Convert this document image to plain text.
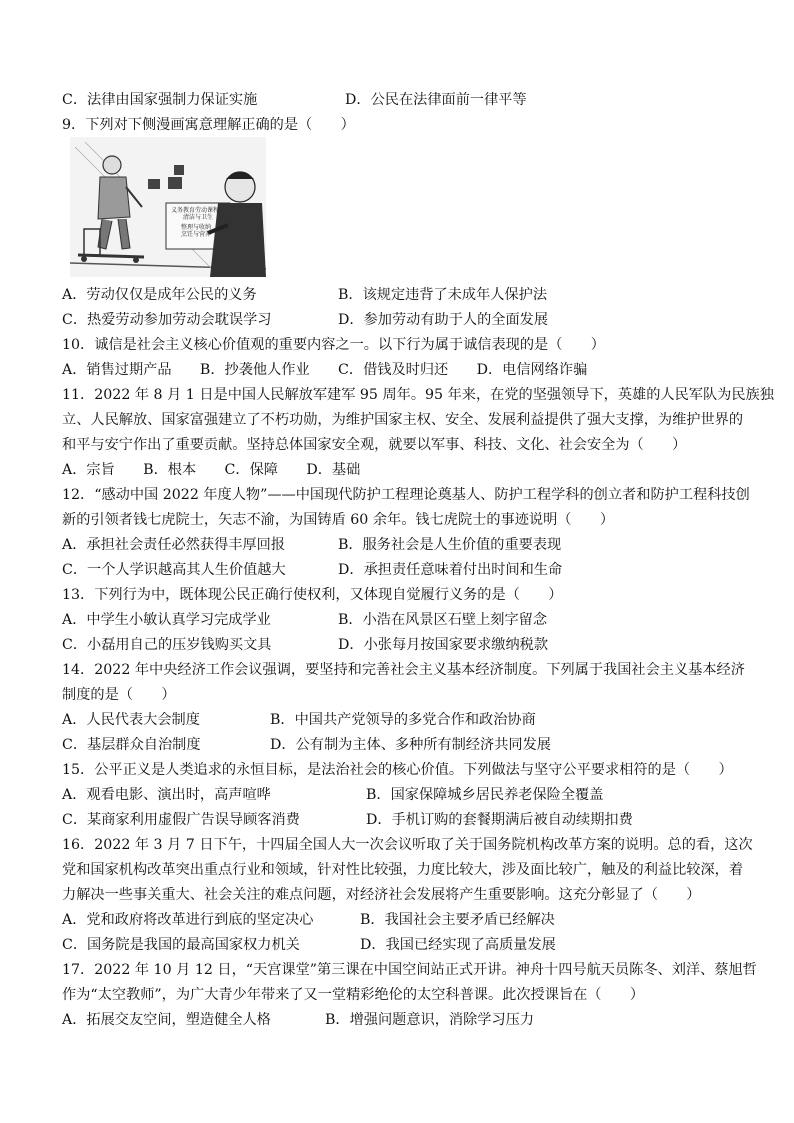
C．法律由国家强制力保证实施	D．公民在法律面前一律平等
9．下列对下侧漫画寓意理解正确的是（　　）
义务教育劳动课程
清洁与卫生
整理与收纳
烹饪与营养
A．劳动仅仅是成年公民的义务	B．该规定违背了未成年人保护法
C．热爱劳动参加劳动会耽误学习	D．参加劳动有助于人的全面发展
10．诚信是社会主义核心价值观的重要内容之一。以下行为属于诚信表现的是（　　）
A．销售过期产品　　B．抄袭他人作业　　C．借钱及时归还　　D．电信网络诈骗
11．2022 年 8 月 1 日是中国人民解放军建军 95 周年。95 年来，在党的坚强领导下，英雄的人民军队为民族独
立、人民解放、国家富强建立了不朽功勋，为维护国家主权、安全、发展利益提供了强大支撑，为维护世界的
和平与安宁作出了重要贡献。坚持总体国家安全观，就要以军事、科技、文化、社会安全为（　　）
A．宗旨　　B．根本　　C．保障　　D．基础
12．“感动中国 2022 年度人物”——中国现代防护工程理论奠基人、防护工程学科的创立者和防护工程科技创
新的引领者钱七虎院士，矢志不渝，为国铸盾 60 余年。钱七虎院士的事迹说明（　　）
A．承担社会责任必然获得丰厚回报	B．服务社会是人生价值的重要表现
C．一个人学识越高其人生价值越大	D．承担责任意味着付出时间和生命
13．下列行为中，既体现公民正确行使权利，又体现自觉履行义务的是（　　）
A．中学生小敏认真学习完成学业	B．小浩在风景区石壁上刻字留念
C．小磊用自己的压岁钱购买文具	D．小张每月按国家要求缴纳税款
14．2022 年中央经济工作会议强调，要坚持和完善社会主义基本经济制度。下列属于我国社会主义基本经济
制度的是（　　）
A．人民代表大会制度	B．中国共产党领导的多党合作和政治协商
C．基层群众自治制度	D．公有制为主体、多种所有制经济共同发展
15．公平正义是人类追求的永恒目标，是法治社会的核心价值。下列做法与坚守公平要求相符的是（　　）
A．观看电影、演出时，高声喧哗	B．国家保障城乡居民养老保险全覆盖
C．某商家利用虚假广告误导顾客消费	D．手机订购的套餐期满后被自动续期扣费
16．2022 年 3 月 7 日下午，十四届全国人大一次会议听取了关于国务院机构改革方案的说明。总的看，这次
党和国家机构改革突出重点行业和领域，针对性比较强，力度比较大，涉及面比较广，触及的利益比较深，着
力解决一些事关重大、社会关注的难点问题，对经济社会发展将产生重要影响。这充分彰显了（　　）
A．党和政府将改革进行到底的坚定决心	B．我国社会主要矛盾已经解决
C．国务院是我国的最高国家权力机关	D．我国已经实现了高质量发展
17．2022 年 10 月 12 日，“天宫课堂”第三课在中国空间站正式开讲。神舟十四号航天员陈冬、刘洋、蔡旭哲
作为“太空教师”，为广大青少年带来了又一堂精彩绝伦的太空科普课。此次授课旨在（　　）
A．拓展交友空间，塑造健全人格	B．增强问题意识，消除学习压力
